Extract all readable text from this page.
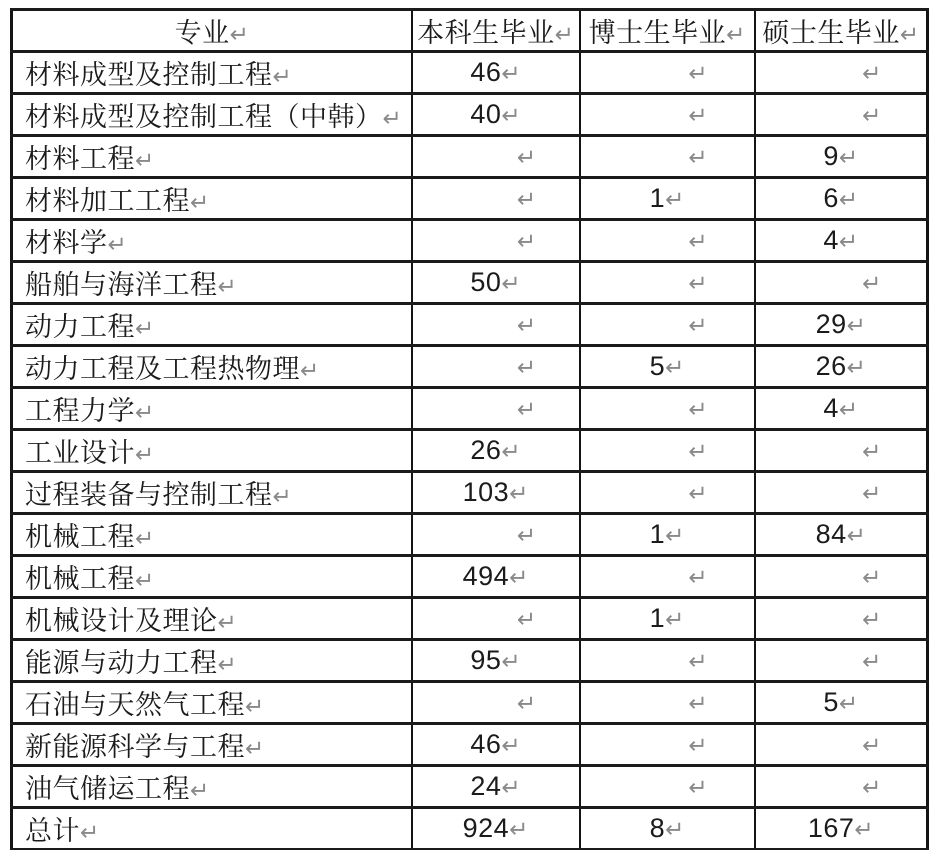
专业↵	本科生毕业↵	博士生毕业↵	硕士生毕业↵
材料成型及控制工程↵	46↵	↵	↵
材料成型及控制工程（中韩）↵	40↵	↵	↵
材料工程↵	↵	↵	9↵
材料加工工程↵	↵	1↵	6↵
材料学↵	↵	↵	4↵
船舶与海洋工程↵	50↵	↵	↵
动力工程↵	↵	↵	29↵
动力工程及工程热物理↵	↵	5↵	26↵
工程力学↵	↵	↵	4↵
工业设计↵	26↵	↵	↵
过程装备与控制工程↵	103↵	↵	↵
机械工程↵	↵	1↵	84↵
机械工程↵	494↵	↵	↵
机械设计及理论↵	↵	1↵	↵
能源与动力工程↵	95↵	↵	↵
石油与天然气工程↵	↵	↵	5↵
新能源科学与工程↵	46↵	↵	↵
油气储运工程↵	24↵	↵	↵
总计↵	924↵	8↵	167↵
